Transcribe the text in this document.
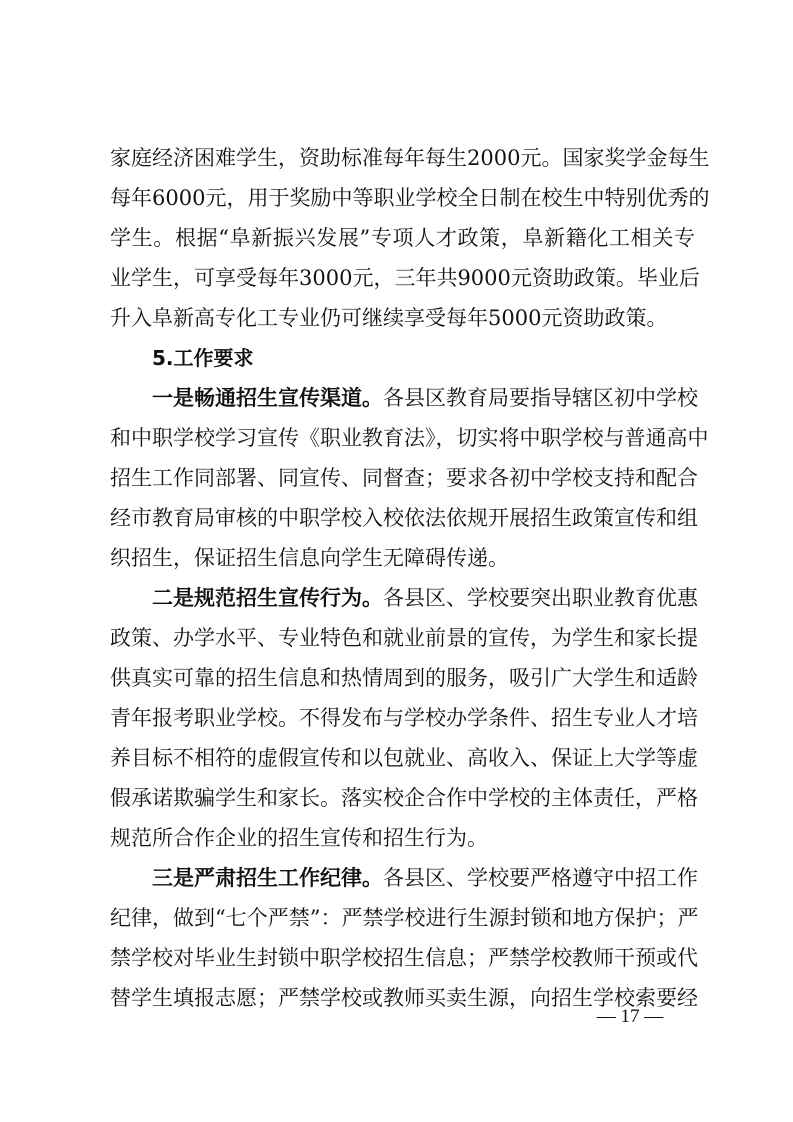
家庭经济困难学生，资助标准每年每生2000元。国家奖学金每生
每年6000元，用于奖励中等职业学校全日制在校生中特别优秀的
学生。根据“阜新振兴发展”专项人才政策，阜新籍化工相关专
业学生，可享受每年3000元，三年共9000元资助政策。毕业后
升入阜新高专化工专业仍可继续享受每年5000元资助政策。
5.工作要求
一是畅通招生宣传渠道。各县区教育局要指导辖区初中学校
和中职学校学习宣传《职业教育法》，切实将中职学校与普通高中
招生工作同部署、同宣传、同督查；要求各初中学校支持和配合
经市教育局审核的中职学校入校依法依规开展招生政策宣传和组
织招生，保证招生信息向学生无障碍传递。
二是规范招生宣传行为。各县区、学校要突出职业教育优惠
政策、办学水平、专业特色和就业前景的宣传，为学生和家长提
供真实可靠的招生信息和热情周到的服务，吸引广大学生和适龄
青年报考职业学校。不得发布与学校办学条件、招生专业人才培
养目标不相符的虚假宣传和以包就业、高收入、保证上大学等虚
假承诺欺骗学生和家长。落实校企合作中学校的主体责任，严格
规范所合作企业的招生宣传和招生行为。
三是严肃招生工作纪律。各县区、学校要严格遵守中招工作
纪律，做到“七个严禁”：严禁学校进行生源封锁和地方保护；严
禁学校对毕业生封锁中职学校招生信息；严禁学校教师干预或代
替学生填报志愿；严禁学校或教师买卖生源，向招生学校索要经
— 17 —
